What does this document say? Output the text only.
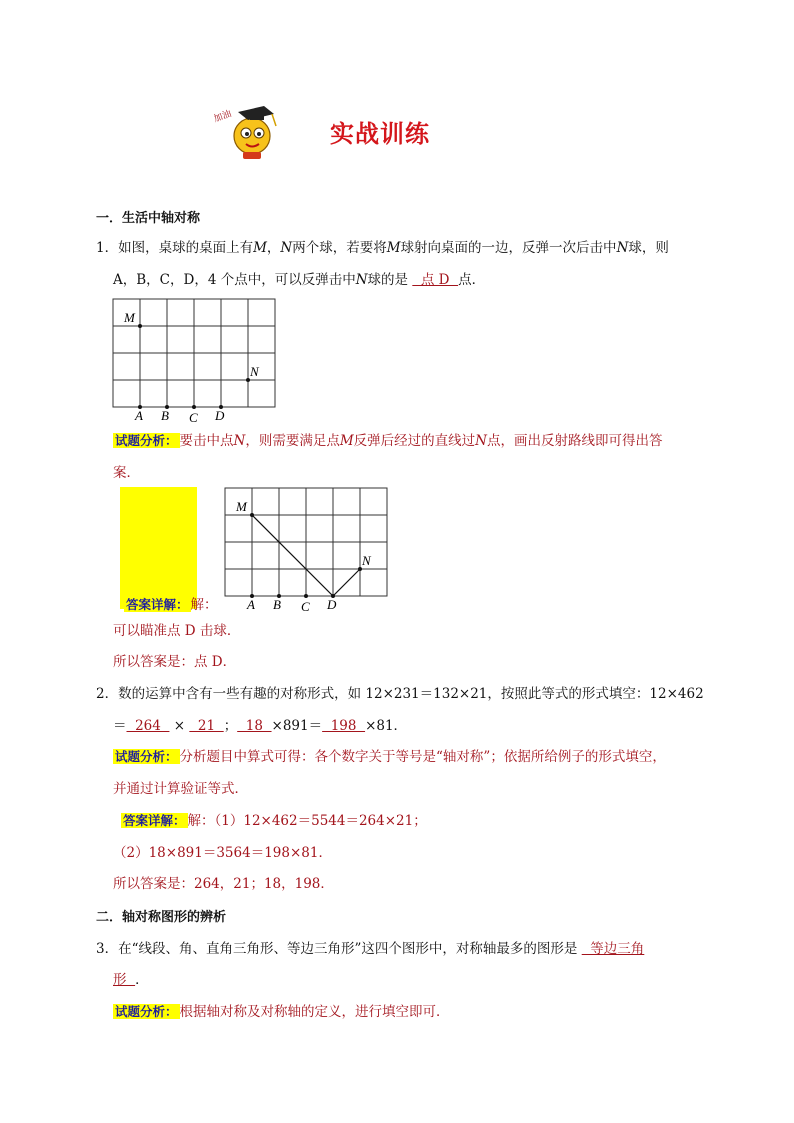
加油
实战训练
一．生活中轴对称
1．如图，桌球的桌面上有M，N两个球，若要将M球射向桌面的一边，反弹一次后击中N球，则
A，B，C，D，4 个点中，可以反弹击中N球的是   点 D  点．
M
N
A B C D
试题分析： 要击中点N，则需要满足点M反弹后经过的直线过N点，画出反射路线即可得出答
案．
M
N
A B C D
答案详解： 解：
可以瞄准点 D 击球．
所以答案是：点 D．
2．数的运算中含有一些有趣的对称形式，如 12×231＝132×21，按照此等式的形式填空：12×462
＝  264   ×   21  ；  18  ×891＝  198  ×81．
试题分析： 分析题目中算式可得：各个数字关于等号是“轴对称”；依据所给例子的形式填空，
并通过计算验证等式．
答案详解： 解：（1）12×462＝5544＝264×21；
（2）18×891＝3564＝198×81．
所以答案是：264，21；18，198．
二．轴对称图形的辨析
3．在“线段、角、直角三角形、等边三角形”这四个图形中，对称轴最多的图形是   等边三角
形  ．
试题分析： 根据轴对称及对称轴的定义，进行填空即可．
